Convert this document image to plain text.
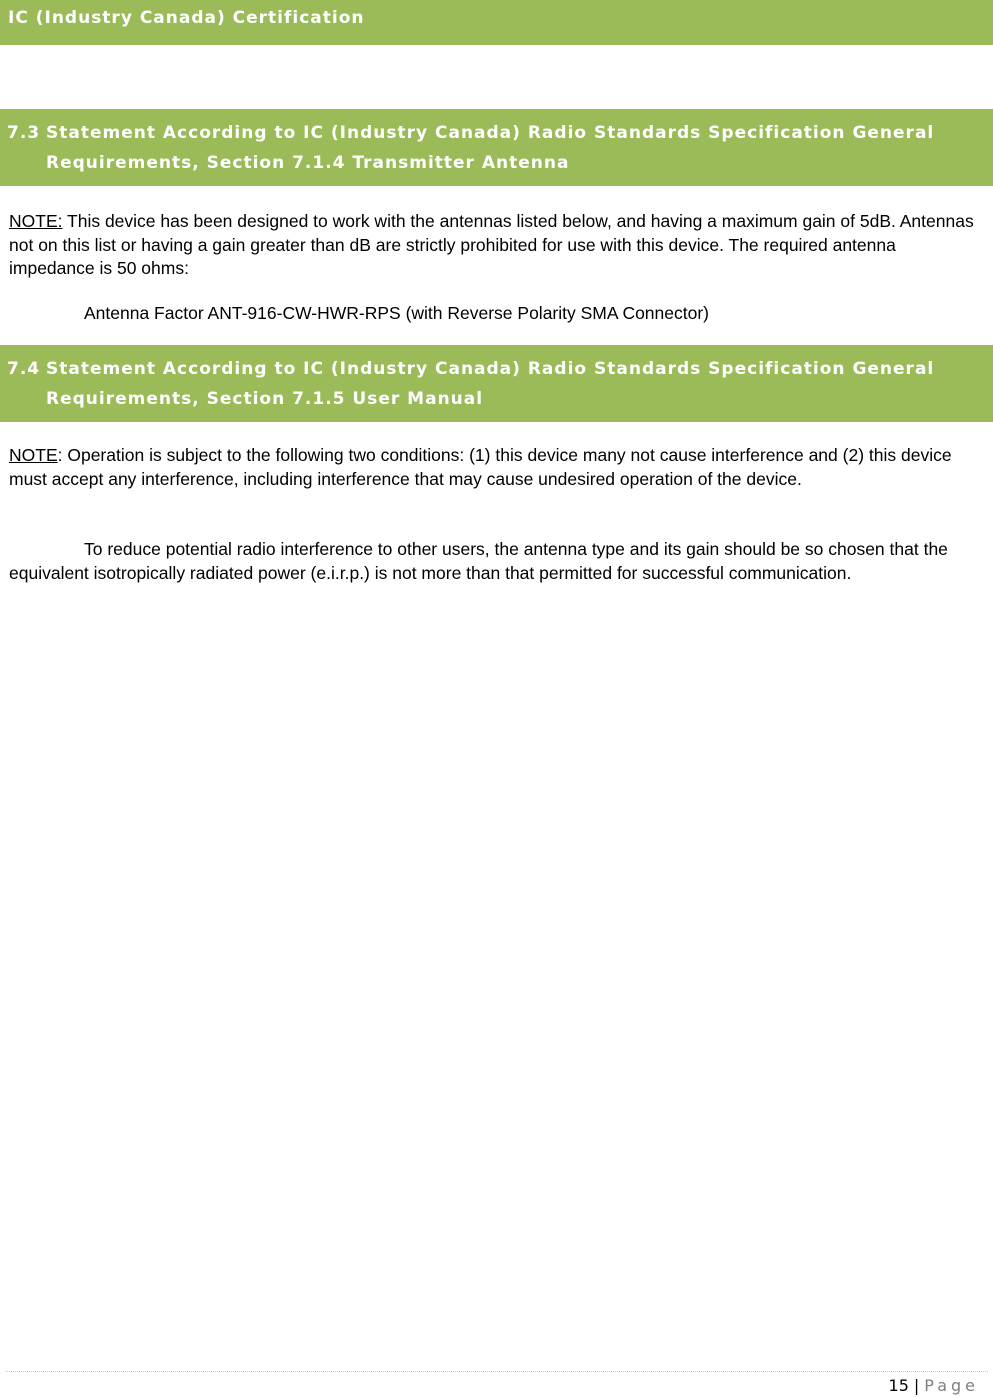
IC (Industry Canada) Certification
7.3 Statement According to IC (Industry Canada) Radio Standards Specification General Requirements, Section 7.1.4 Transmitter Antenna

NOTE: This device has been designed to work with the antennas listed below, and having a maximum gain of 5dB. Antennas not on this list or having a gain greater than dB are strictly prohibited for use with this device. The required antenna impedance is 50 ohms:

Antenna Factor ANT-916-CW-HWR-RPS (with Reverse Polarity SMA Connector)

7.4 Statement According to IC (Industry Canada) Radio Standards Specification General Requirements, Section 7.1.5 User Manual

NOTE: Operation is subject to the following two conditions: (1) this device many not cause interference and (2) this device must accept any interference, including interference that may cause undesired operation of the device.

To reduce potential radio interference to other users, the antenna type and its gain should be so chosen that the equivalent isotropically radiated power (e.i.r.p.) is not more than that permitted for successful communication.

15 | Page
